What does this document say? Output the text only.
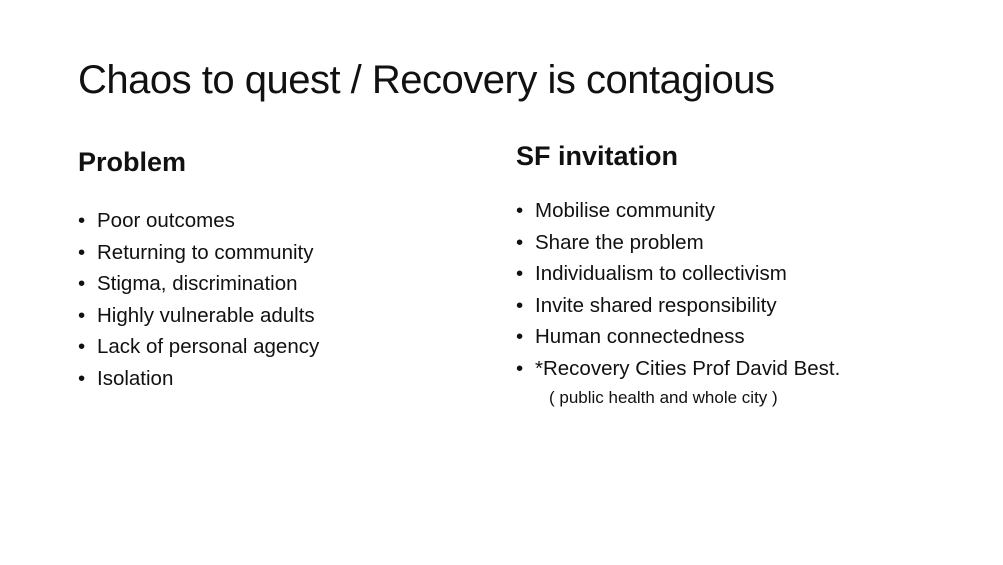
Chaos to quest / Recovery is contagious
Problem
• Poor outcomes
• Returning to community
• Stigma, discrimination
• Highly vulnerable adults
• Lack of personal agency
• Isolation
SF invitation
• Mobilise community
• Share the problem
• Individualism to collectivism
• Invite shared responsibility
• Human connectedness
• *Recovery Cities Prof David Best.

( public health and whole city )
